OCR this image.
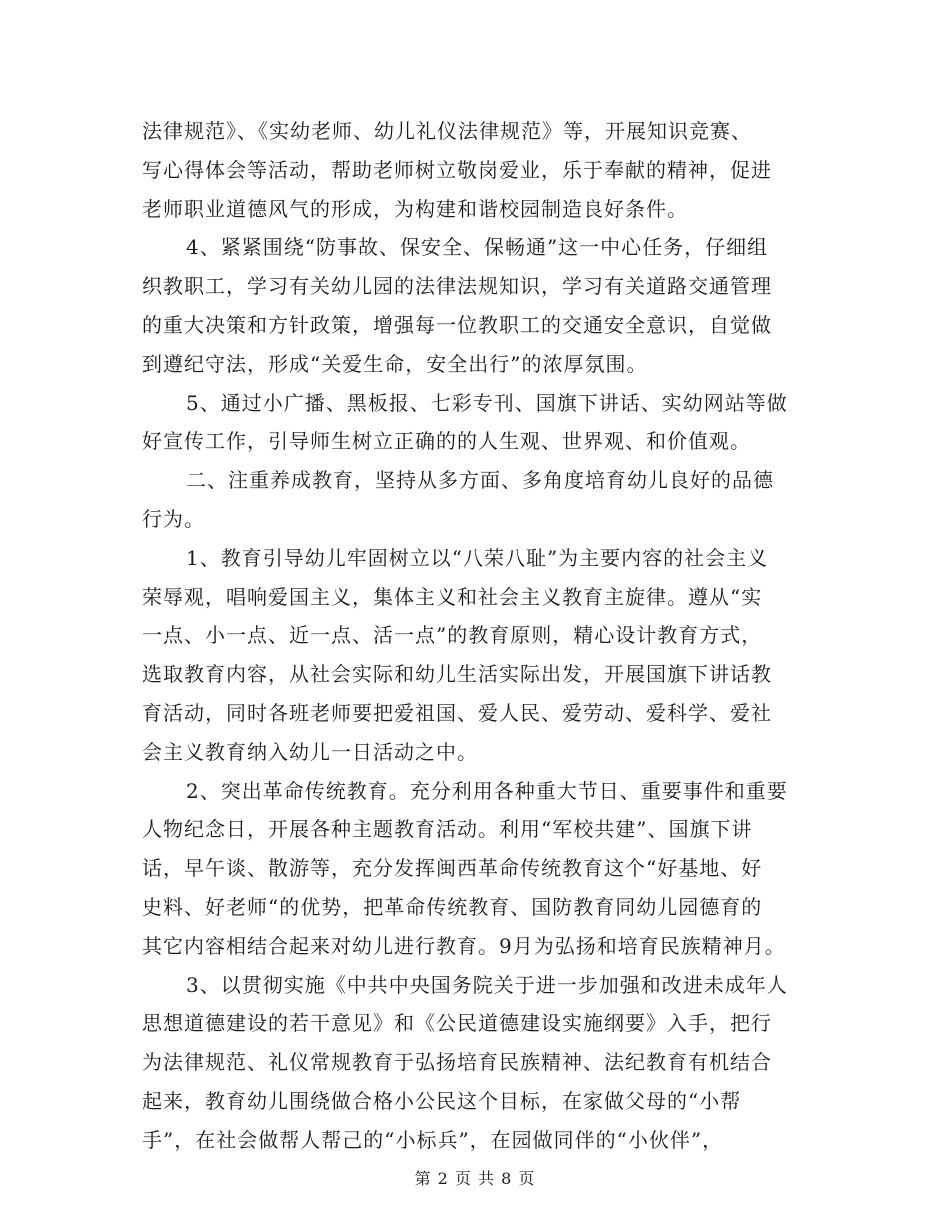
法律规范》、《实幼老师、幼儿礼仪法律规范》等，开展知识竞赛、
写心得体会等活动，帮助老师树立敬岗爱业，乐于奉献的精神，促进
老师职业道德风气的形成，为构建和谐校园制造良好条件。
4、紧紧围绕“防事故、保安全、保畅通”这一中心任务，仔细组
织教职工，学习有关幼儿园的法律法规知识，学习有关道路交通管理
的重大决策和方针政策，增强每一位教职工的交通安全意识，自觉做
到遵纪守法，形成“关爱生命，安全出行”的浓厚氛围。
5、通过小广播、黑板报、七彩专刊、国旗下讲话、实幼网站等做
好宣传工作，引导师生树立正确的的人生观、世界观、和价值观。
二、注重养成教育，坚持从多方面、多角度培育幼儿良好的品德
行为。
1、教育引导幼儿牢固树立以“八荣八耻”为主要内容的社会主义
荣辱观，唱响爱国主义，集体主义和社会主义教育主旋律。遵从“实
一点、小一点、近一点、活一点”的教育原则，精心设计教育方式，
选取教育内容，从社会实际和幼儿生活实际出发，开展国旗下讲话教
育活动，同时各班老师要把爱祖国、爱人民、爱劳动、爱科学、爱社
会主义教育纳入幼儿一日活动之中。
2、突出革命传统教育。充分利用各种重大节日、重要事件和重要
人物纪念日，开展各种主题教育活动。利用“军校共建”、国旗下讲
话，早午谈、散游等，充分发挥闽西革命传统教育这个“好基地、好
史料、好老师“的优势，把革命传统教育、国防教育同幼儿园德育的
其它内容相结合起来对幼儿进行教育。9月为弘扬和培育民族精神月。
3、以贯彻实施《中共中央国务院关于进一步加强和改进未成年人
思想道德建设的若干意见》和《公民道德建设实施纲要》入手，把行
为法律规范、礼仪常规教育于弘扬培育民族精神、法纪教育有机结合
起来，教育幼儿围绕做合格小公民这个目标，在家做父母的“小帮
手”，在社会做帮人帮己的“小标兵”，在园做同伴的“小伙伴”，
第 2 页 共 8 页
